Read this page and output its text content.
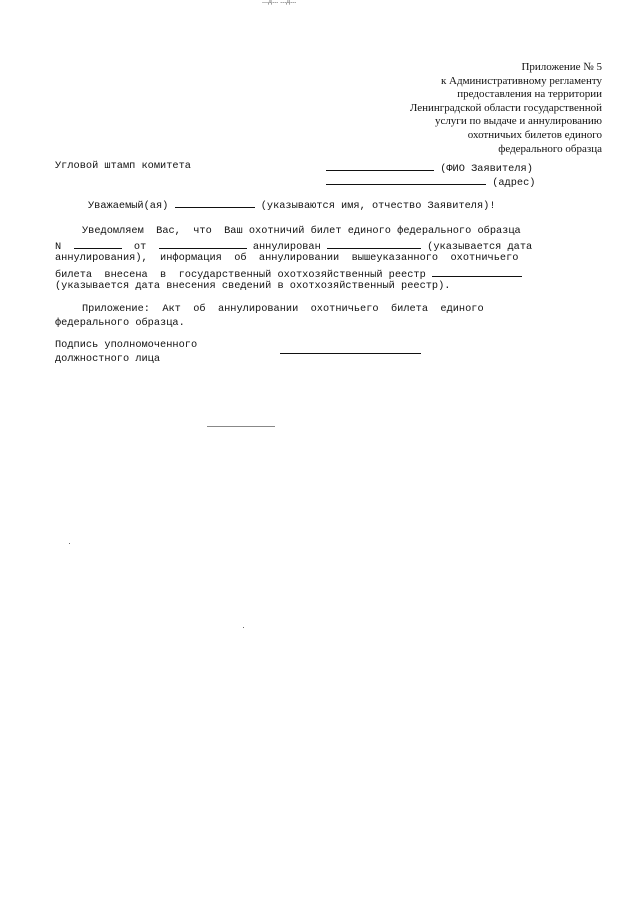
...д... ...д...
Приложение № 5
к Административному регламенту
предоставления на территории
Ленинградской области государственной
услуги по выдаче и аннулированию
охотничьих билетов единого
федерального образца
Угловой штамп комитета	(ФИО Заявителя)
(адрес)
Уважаемый(ая)	(указываются имя, отчество Заявителя)!
Уведомляем  Вас,  что  Ваш охотничий билет единого федерального образца
N	от	аннулирован	(указывается дата
аннулирования),  информация  об  аннулировании  вышеуказанного  охотничьего
билета  внесена  в  государственный охотхозяйственный реестр
(указывается дата внесения сведений в охотхозяйственный реестр).
Приложение:  Акт  об  аннулировании  охотничьего  билета  единого
федерального образца.
Подпись уполномоченного
должностного лица
